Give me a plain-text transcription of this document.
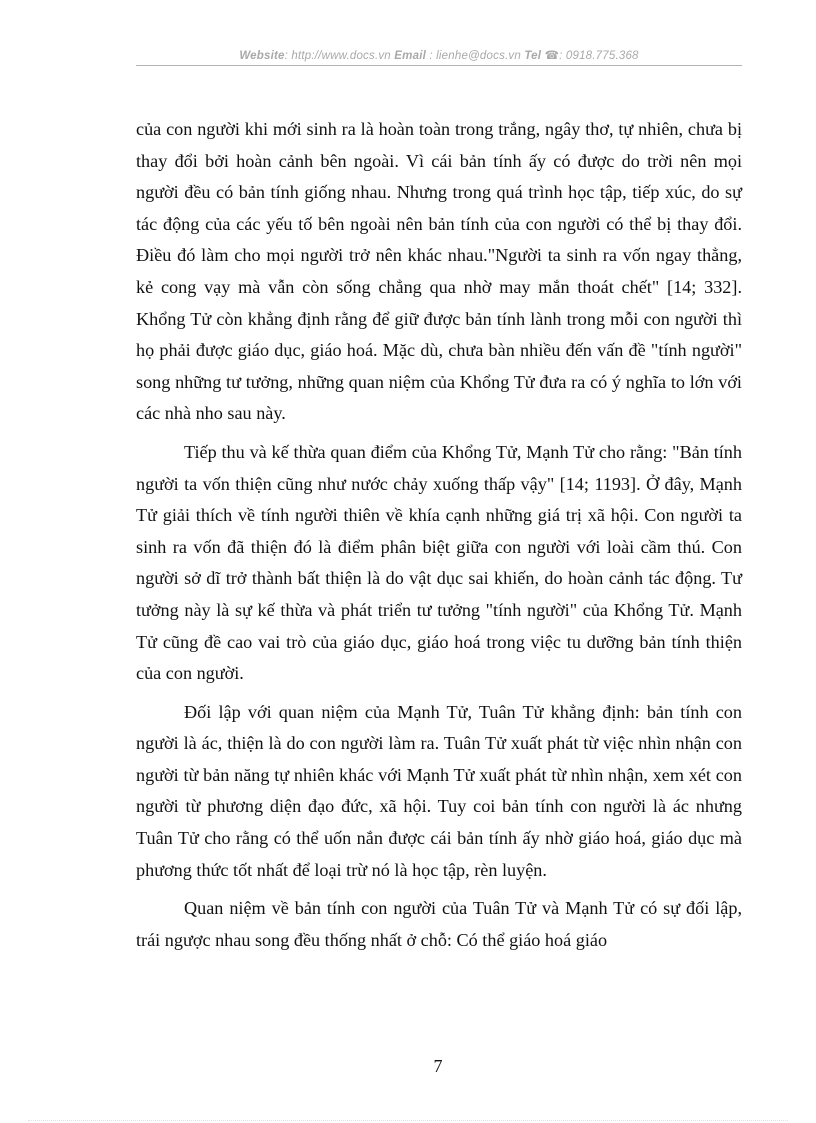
Website: http://www.docs.vn Email : lienhe@docs.vn Tel ☎: 0918.775.368

của con người khi mới sinh ra là hoàn toàn trong trắng, ngây thơ, tự nhiên, chưa bị thay đổi bởi hoàn cảnh bên ngoài. Vì cái bản tính ấy có được do trời nên mọi người đều có bản tính giống nhau. Nhưng trong quá trình học tập, tiếp xúc, do sự tác động của các yếu tố bên ngoài nên bản tính của con người có thể bị thay đổi. Điều đó làm cho mọi người trở nên khác nhau."Người ta sinh ra vốn ngay thẳng, kẻ cong vạy mà vẫn còn sống chẳng qua nhờ may mắn thoát chết" [14; 332]. Khổng Tử còn khẳng định rằng để giữ được bản tính lành trong mỗi con người thì họ phải được giáo dục, giáo hoá. Mặc dù, chưa bàn nhiều đến vấn đề "tính người" song những tư tưởng, những quan niệm của Khổng Tử đưa ra có ý nghĩa to lớn với các nhà nho sau này.

Tiếp thu và kế thừa quan điểm của Khổng Tử, Mạnh Tử cho rằng: "Bản tính người ta vốn thiện cũng như nước chảy xuống thấp vậy" [14; 1193]. Ở đây, Mạnh Tử giải thích về tính người thiên về khía cạnh những giá trị xã hội. Con người ta sinh ra vốn đã thiện đó là điểm phân biệt giữa con người với loài cầm thú. Con người sở dĩ trở thành bất thiện là do vật dục sai khiến, do hoàn cảnh tác động. Tư tưởng này là sự kế thừa và phát triển tư tưởng "tính người" của Khổng Tử. Mạnh Tử cũng đề cao vai trò của giáo dục, giáo hoá trong việc tu dưỡng bản tính thiện của con người.

Đối lập với quan niệm của Mạnh Tử, Tuân Tử khẳng định: bản tính con người là ác, thiện là do con người làm ra. Tuân Tử xuất phát từ việc nhìn nhận con người từ bản năng tự nhiên khác với Mạnh Tử xuất phát từ nhìn nhận, xem xét con người từ phương diện đạo đức, xã hội. Tuy coi bản tính con người là ác nhưng Tuân Tử cho rằng có thể uốn nắn được cái bản tính ấy nhờ giáo hoá, giáo dục mà phương thức tốt nhất để loại trừ nó là học tập, rèn luyện.

Quan niệm về bản tính con người của Tuân Tử và Mạnh Tử có sự đối lập, trái ngược nhau song đều thống nhất ở chỗ: Có thể giáo hoá giáo

7
